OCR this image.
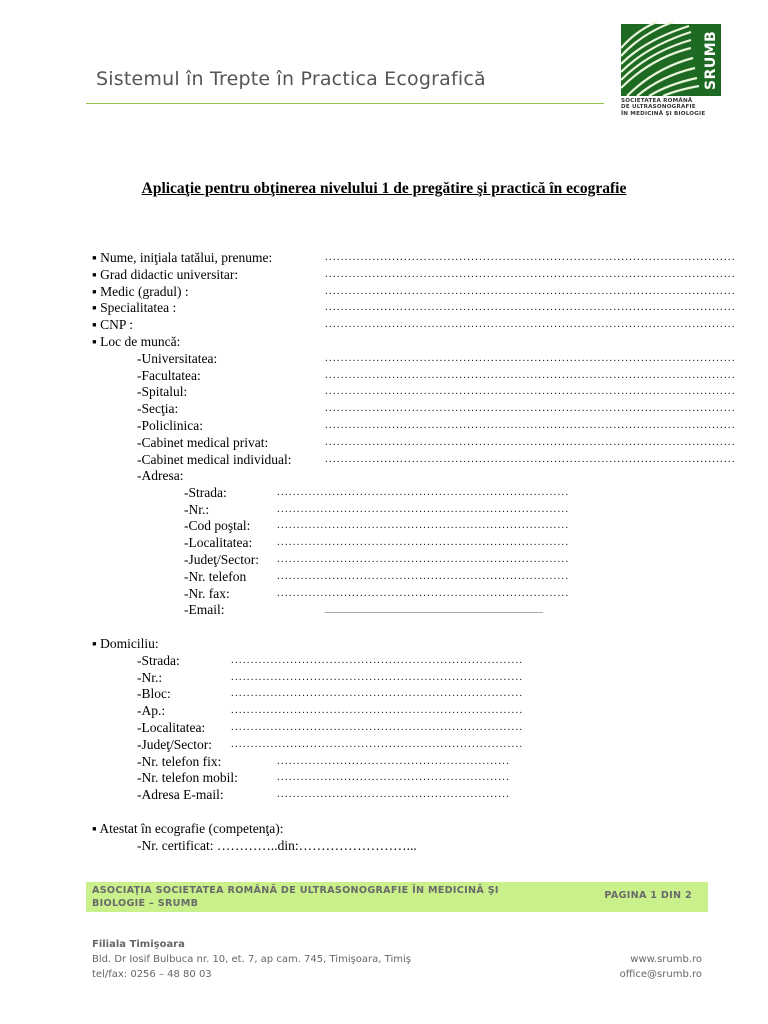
Sistemul în Trepte în Practica Ecografică	SRUMB
SOCIETATEA ROMÂNĂ
DE ULTRASONOGRAFIE
ÎN MEDICINĂ ŞI BIOLOGIE
Aplicaţie pentru obţinerea nivelului 1 de pregătire şi practică în ecografie
▪ Nume, iniţiala tatălui, prenume:	........................................................................................................
▪ Grad didactic universitar:	........................................................................................................
▪ Medic (gradul) :	........................................................................................................
▪ Specialitatea :	........................................................................................................
▪ CNP :	........................................................................................................
▪ Loc de muncă:
-Universitatea:	........................................................................................................
-Facultatea:	........................................................................................................
-Spitalul:	........................................................................................................
-Secţia:	........................................................................................................
-Policlinica:	........................................................................................................
-Cabinet medical privat:	........................................................................................................
-Cabinet medical individual:	........................................................................................................
-Adresa:
-Strada:	..........................................................................
-Nr.:	..........................................................................
-Cod poştal: ..........................................................................
-Localitatea: ..........................................................................
-Judeţ/Sector: ..........................................................................
-Nr. telefon	..........................................................................
-Nr. fax:	..........................................................................
-Email:	.............................................................................................................
▪ Domiciliu:
-Strada:	..........................................................................
-Nr.:	..........................................................................
-Bloc:	..........................................................................
-Ap.:	..........................................................................
-Localitatea: ..........................................................................
-Judeţ/Sector: ..........................................................................
-Nr. telefon fix:	...........................................................
-Nr. telefon mobil:	...........................................................
-Adresa E-mail:	...........................................................
▪ Atestat în ecografie (competenţa):
-Nr. certificat: …………..din:……………………...
ASOCIAŢIA SOCIETATEA ROMÂNĂ DE ULTRASONOGRAFIE ÎN MEDICINĂ ŞI BIOLOGIE – SRUMB
PAGINA 1 DIN 2
Filiala Timişoara
Bld. Dr Iosif Bulbuca nr. 10, et. 7, ap cam. 745, Timişoara, Timiş
tel/fax: 0256 – 48 80 03
www.srumb.ro
office@srumb.ro
